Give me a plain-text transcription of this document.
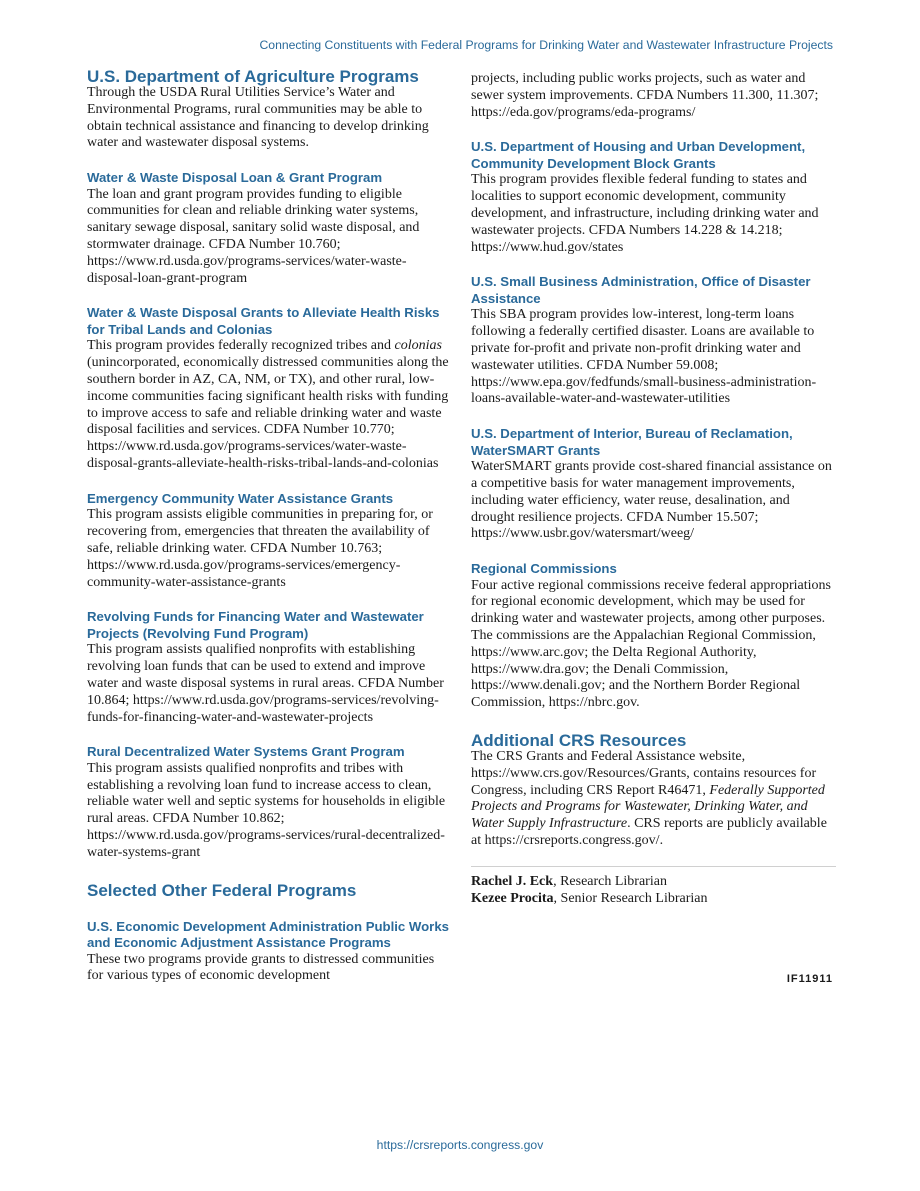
Connecting Constituents with Federal Programs for Drinking Water and Wastewater Infrastructure Projects
U.S. Department of Agriculture Programs

Through the USDA Rural Utilities Service’s Water and Environmental Programs, rural communities may be able to obtain technical assistance and financing to develop drinking water and wastewater disposal systems.

Water & Waste Disposal Loan & Grant Program

The loan and grant program provides funding to eligible communities for clean and reliable drinking water systems, sanitary sewage disposal, sanitary solid waste disposal, and stormwater drainage. CFDA Number 10.760; https://www.rd.usda.gov/programs-services/water-waste-disposal-loan-grant-program

Water & Waste Disposal Grants to Alleviate Health Risks for Tribal Lands and Colonias

This program provides federally recognized tribes and colonias (unincorporated, economically distressed communities along the southern border in AZ, CA, NM, or TX), and other rural, low-income communities facing significant health risks with funding to improve access to safe and reliable drinking water and waste disposal facilities and services. CDFA Number 10.770; https://www.rd.usda.gov/programs-services/water-waste-disposal-grants-alleviate-health-risks-tribal-lands-and-colonias

Emergency Community Water Assistance Grants

This program assists eligible communities in preparing for, or recovering from, emergencies that threaten the availability of safe, reliable drinking water. CFDA Number 10.763; https://www.rd.usda.gov/programs-services/emergency-community-water-assistance-grants

Revolving Funds for Financing Water and Wastewater Projects (Revolving Fund Program)

This program assists qualified nonprofits with establishing revolving loan funds that can be used to extend and improve water and waste disposal systems in rural areas. CFDA Number 10.864; https://www.rd.usda.gov/programs-services/revolving-funds-for-financing-water-and-wastewater-projects

Rural Decentralized Water Systems Grant Program

This program assists qualified nonprofits and tribes with establishing a revolving loan fund to increase access to clean, reliable water well and septic systems for households in eligible rural areas. CFDA Number 10.862; https://www.rd.usda.gov/programs-services/rural-decentralized-water-systems-grant

Selected Other Federal Programs
U.S. Economic Development Administration Public Works and Economic Adjustment Assistance Programs

These two programs provide grants to distressed communities for various types of economic development

projects, including public works projects, such as water and sewer system improvements. CFDA Numbers 11.300, 11.307; https://eda.gov/programs/eda-programs/

U.S. Department of Housing and Urban Development, Community Development Block Grants

This program provides flexible federal funding to states and localities to support economic development, community development, and infrastructure, including drinking water and wastewater projects. CFDA Numbers 14.228 & 14.218; https://www.hud.gov/states

U.S. Small Business Administration, Office of Disaster Assistance

This SBA program provides low-interest, long-term loans following a federally certified disaster. Loans are available to private for-profit and private non-profit drinking water and wastewater utilities. CFDA Number 59.008; https://www.epa.gov/fedfunds/small-business-administration-loans-available-water-and-wastewater-utilities

U.S. Department of Interior, Bureau of Reclamation, WaterSMART Grants

WaterSMART grants provide cost-shared financial assistance on a competitive basis for water management improvements, including water efficiency, water reuse, desalination, and drought resilience projects. CFDA Number 15.507; https://www.usbr.gov/watersmart/weeg/

Regional Commissions

Four active regional commissions receive federal appropriations for regional economic development, which may be used for drinking water and wastewater projects, among other purposes. The commissions are the Appalachian Regional Commission, https://www.arc.gov; the Delta Regional Authority, https://www.dra.gov; the Denali Commission, https://www.denali.gov; and the Northern Border Regional Commission, https://nbrc.gov.

Additional CRS Resources

The CRS Grants and Federal Assistance website, https://www.crs.gov/Resources/Grants, contains resources for Congress, including CRS Report R46471, Federally Supported Projects and Programs for Wastewater, Drinking Water, and Water Supply Infrastructure. CRS reports are publicly available at https://crsreports.congress.gov/.

Rachel J. Eck, Research Librarian

Kezee Procita, Senior Research Librarian

IF11911
https://crsreports.congress.gov
